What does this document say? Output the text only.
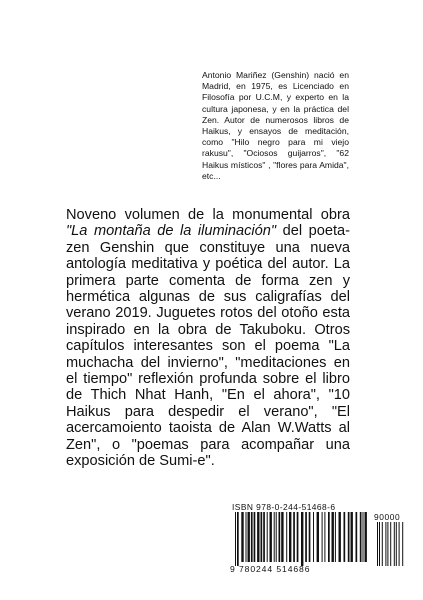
Antonio Mariñez (Genshin) nació en Madrid, en 1975, es Licenciado en Filosofía por U.C.M, y experto en la cultura japonesa, y en la práctica del Zen. Autor de numerosos libros de Haikus, y ensayos de meditación, como "Hilo negro para mi viejo rakusu", "Ociosos guijarros", "62 Haikus místicos" , "flores para Amida", etc...

Noveno volumen de la monumental obra "La montaña de la iluminación" del poeta-zen Genshin que constituye una nueva antología meditativa y poética del autor. La primera parte comenta de forma zen y hermética algunas de sus caligrafías del verano 2019. Juguetes rotos del otoño esta inspirado en la obra de Takuboku. Otros capítulos interesantes son el poema "La muchacha del invierno", "meditaciones en el tiempo" reflexión profunda sobre el libro de Thich Nhat Hanh, "En el ahora", "10 Haikus para despedir el verano", "El acercamoiento taoista de Alan W.Watts al Zen", o "poemas para acompañar una exposición de Sumi-e".

ISBN 978-0-244-51468-6
90000
9 780244 514686
